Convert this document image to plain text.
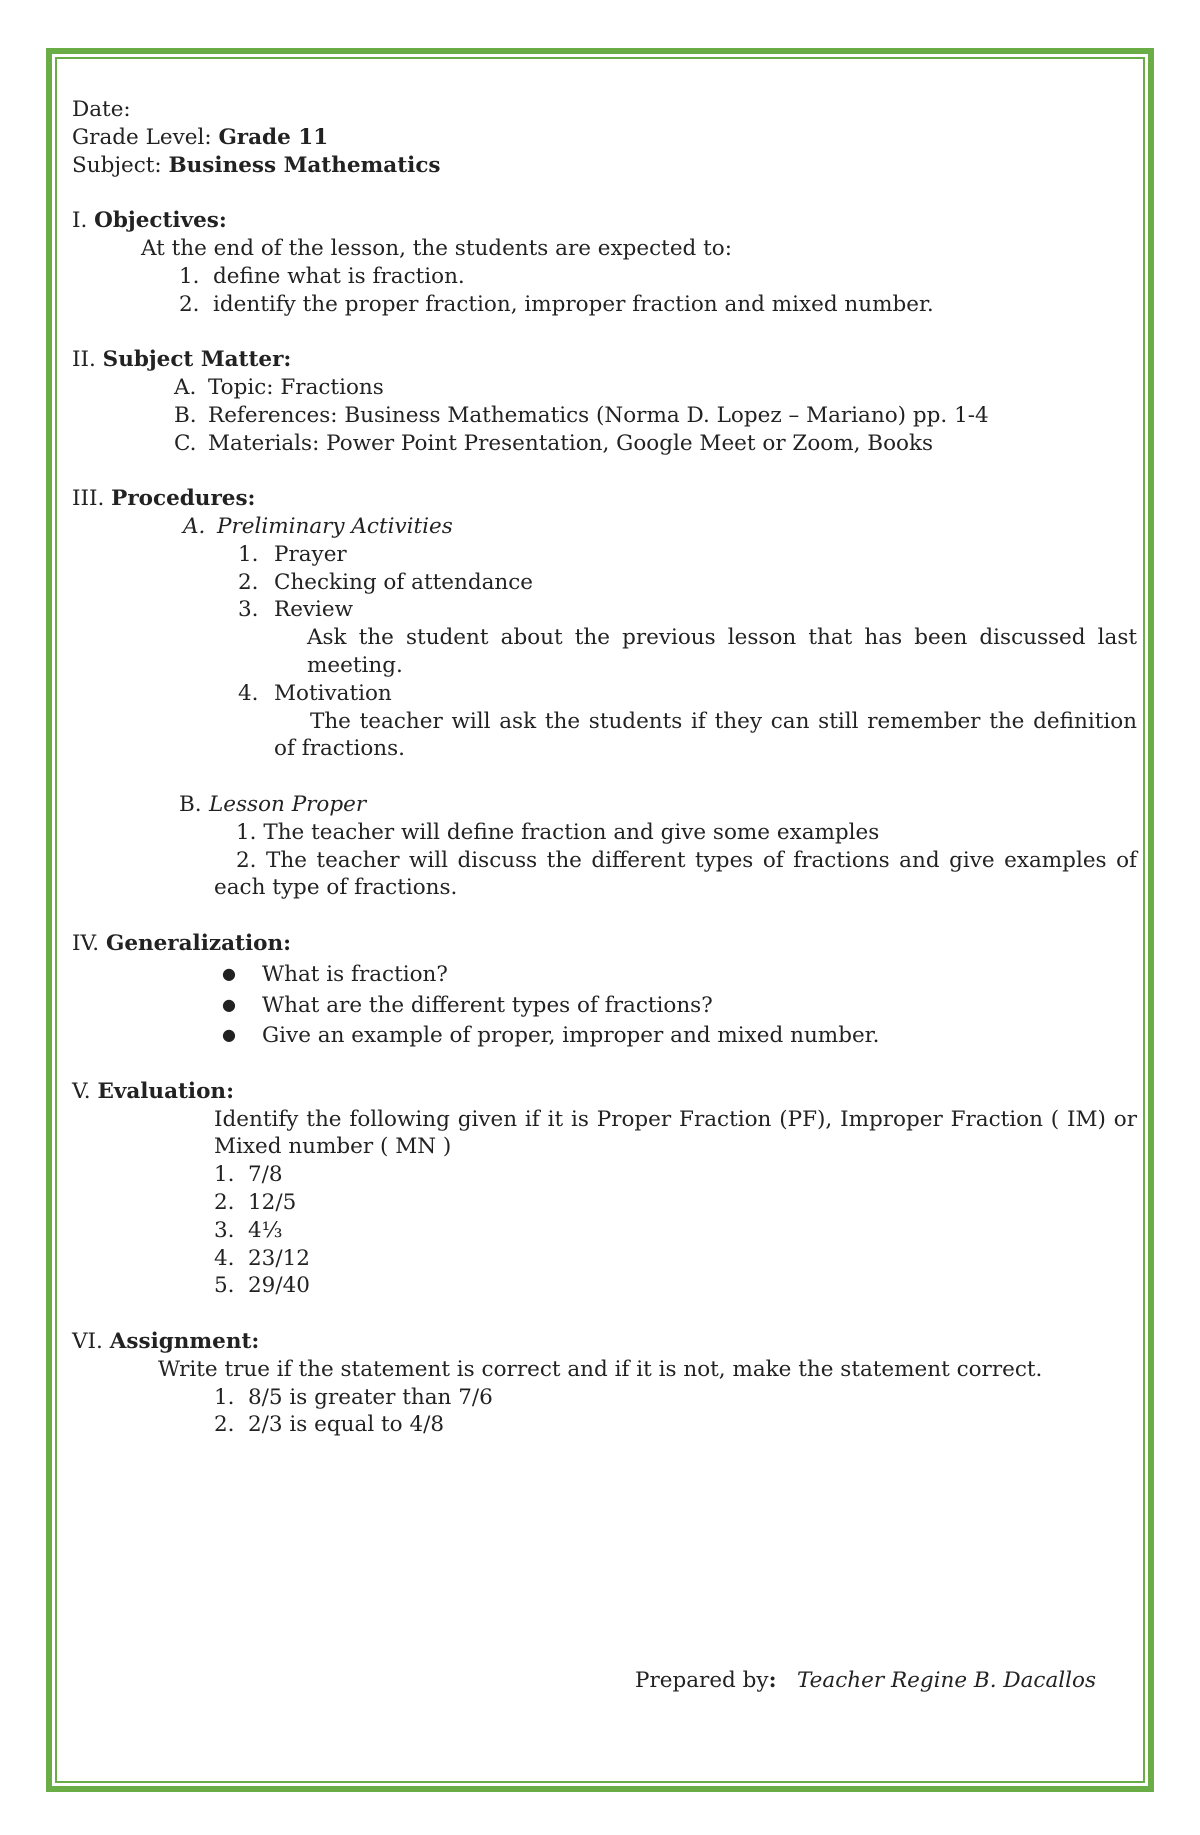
Date:
Grade Level: Grade 11
Subject: Business Mathematics
I. Objectives:
At the end of the lesson, the students are expected to:
1. define what is fraction.
2. identify the proper fraction, improper fraction and mixed number.
II. Subject Matter:
A. Topic: Fractions
B. References: Business Mathematics (Norma D. Lopez – Mariano) pp. 1-4
C. Materials: Power Point Presentation, Google Meet or Zoom, Books
III. Procedures:
A. Preliminary Activities
1. Prayer
2. Checking of attendance
3. Review
Ask the student about the previous lesson that has been discussed last meeting.
4. Motivation
The teacher will ask the students if they can still remember the definition of fractions.
B. Lesson Proper
1. The teacher will define fraction and give some examples
2. The teacher will discuss the different types of fractions and give examples of each type of fractions.
IV. Generalization:
● What is fraction?
● What are the different types of fractions?
● Give an example of proper, improper and mixed number.
V. Evaluation:
Identify the following given if it is Proper Fraction (PF), Improper Fraction ( IM) or Mixed number ( MN )
1. 7/8
2. 12/5
3. 4⅓
4. 23/12
5. 29/40
VI. Assignment:
Write true if the statement is correct and if it is not, make the statement correct.
1. 8/5 is greater than 7/6
2. 2/3 is equal to 4/8
Prepared by: Teacher Regine B. Dacallos
